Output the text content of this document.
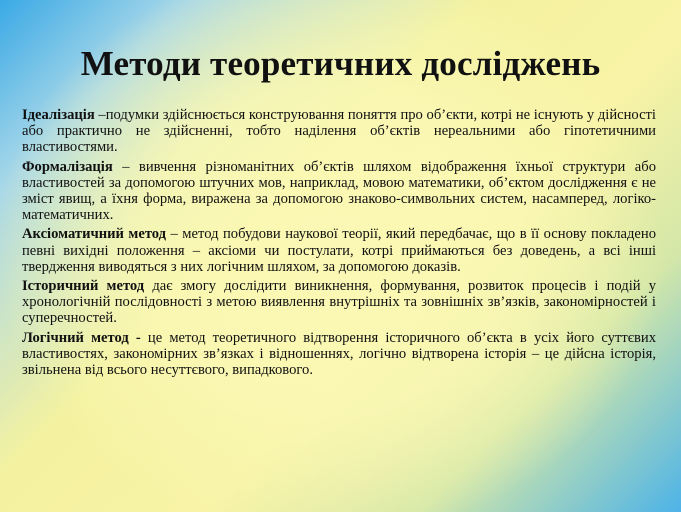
Методи теоретичних досліджень

Ідеалізація –подумки здійснюється конструювання поняття про об’єкти, котрі не існують у дійсності або практично не здійсненні, тобто наділення об’єктів нереальними або гіпотетичними властивостями.

Формалізація – вивчення різноманітних об’єктів шляхом відображення їхньої структури або властивостей за допомогою штучних мов, наприклад, мовою математики, об’єктом дослідження є не зміст явищ, а їхня форма, виражена за допомогою знаково-символьних систем, насамперед, логіко-математичних.

Аксіоматичний метод – метод побудови наукової теорії, який передбачає, що в її основу покладено певні вихідні положення – аксіоми чи постулати, котрі приймаються без доведень, а всі інші твердження виводяться з них логічним шляхом, за допомогою доказів.

Історичний метод дає змогу дослідити виникнення, формування, розвиток процесів і подій у хронологічній послідовності з метою виявлення внутрішніх та зовнішніх зв’язків, закономірностей і суперечностей.

Логічний метод - це метод теоретичного відтворення історичного об’єкта в усіх його суттєвих властивостях, закономірних зв’язках і відношеннях, логічно відтворена історія – це дійсна історія, звільнена від всього несуттєвого, випадкового.
